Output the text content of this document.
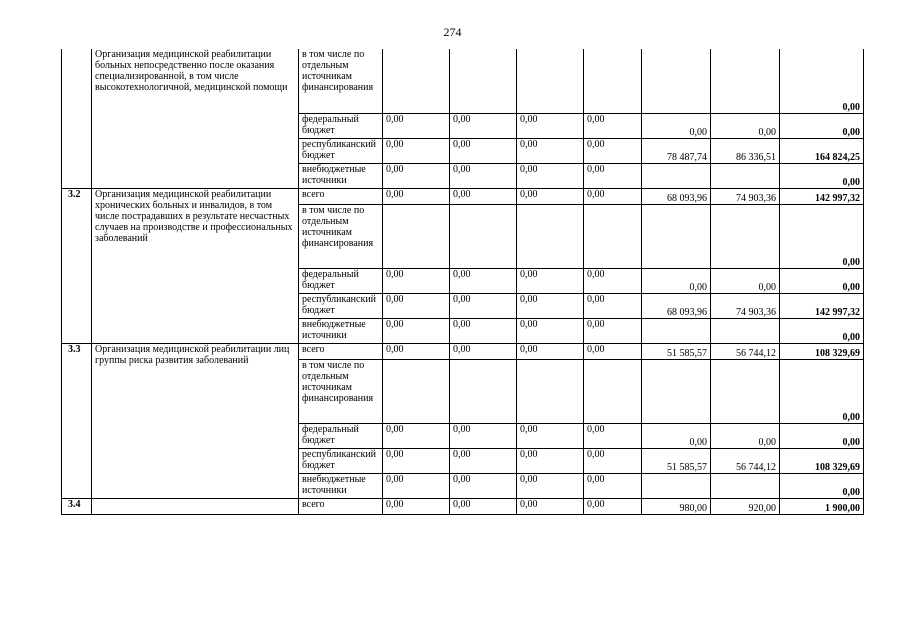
274
	Организация медицинской реабилитации больных непосредственно после оказания специализированной, в том числе высокотехнологичной, медицинской помощи	в том числе по отдельным источникам финансирования							0,00
		федеральный бюджет	0,00	0,00	0,00	0,00	0,00	0,00	0,00
		республиканский бюджет	0,00	0,00	0,00	0,00	78 487,74	86 336,51	164 824,25
		внебюджетные источники	0,00	0,00	0,00	0,00			0,00
3.2	Организация медицинской реабилитации хронических больных и инвалидов, в том числе пострадавших в результате несчастных случаев на производстве и профессиональных заболеваний	всего	0,00	0,00	0,00	0,00	68 093,96	74 903,36	142 997,32
		в том числе по отдельным источникам финансирования							0,00
		федеральный бюджет	0,00	0,00	0,00	0,00	0,00	0,00	0,00
		республиканский бюджет	0,00	0,00	0,00	0,00	68 093,96	74 903,36	142 997,32
		внебюджетные источники	0,00	0,00	0,00	0,00			0,00
3.3	Организация медицинской реабилитации лиц группы риска развития заболеваний	всего	0,00	0,00	0,00	0,00	51 585,57	56 744,12	108 329,69
		в том числе по отдельным источникам финансирования							0,00
		федеральный бюджет	0,00	0,00	0,00	0,00	0,00	0,00	0,00
		республиканский бюджет	0,00	0,00	0,00	0,00	51 585,57	56 744,12	108 329,69
		внебюджетные источники	0,00	0,00	0,00	0,00			0,00
3.4		всего	0,00	0,00	0,00	0,00	980,00	920,00	1 900,00
